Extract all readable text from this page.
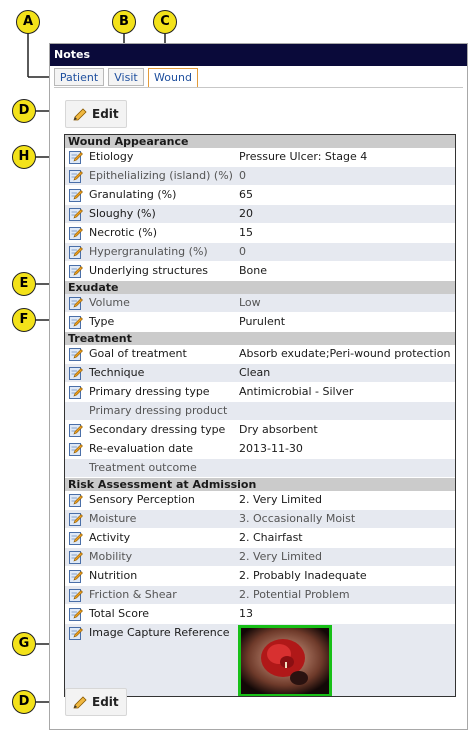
Notes
Patient	Visit	Wound
Edit
Wound Appearance
Etiology	Pressure Ulcer: Stage 4
Epithelializing (island) (%) 0
Granulating (%)	65
Sloughy (%)	20
Necrotic (%)	15
Hypergranulating (%)	0
Underlying structures	Bone
Exudate
Volume	Low
Type	Purulent
Treatment
Goal of treatment	Absorb exudate;Peri-wound protection
Technique	Clean
Primary dressing type	Antimicrobial - Silver
Primary dressing product
Secondary dressing type Dry absorbent
Re-evaluation date	2013-11-30
Treatment outcome
Risk Assessment at Admission
Sensory Perception	2. Very Limited
Moisture	3. Occasionally Moist
Activity	2. Chairfast
Mobility	2. Very Limited
Nutrition	2. Probably Inadequate
Friction & Shear	2. Potential Problem
Total Score	13
Image Capture Reference
Edit
A	B	C
D
H
E
F
G
D
